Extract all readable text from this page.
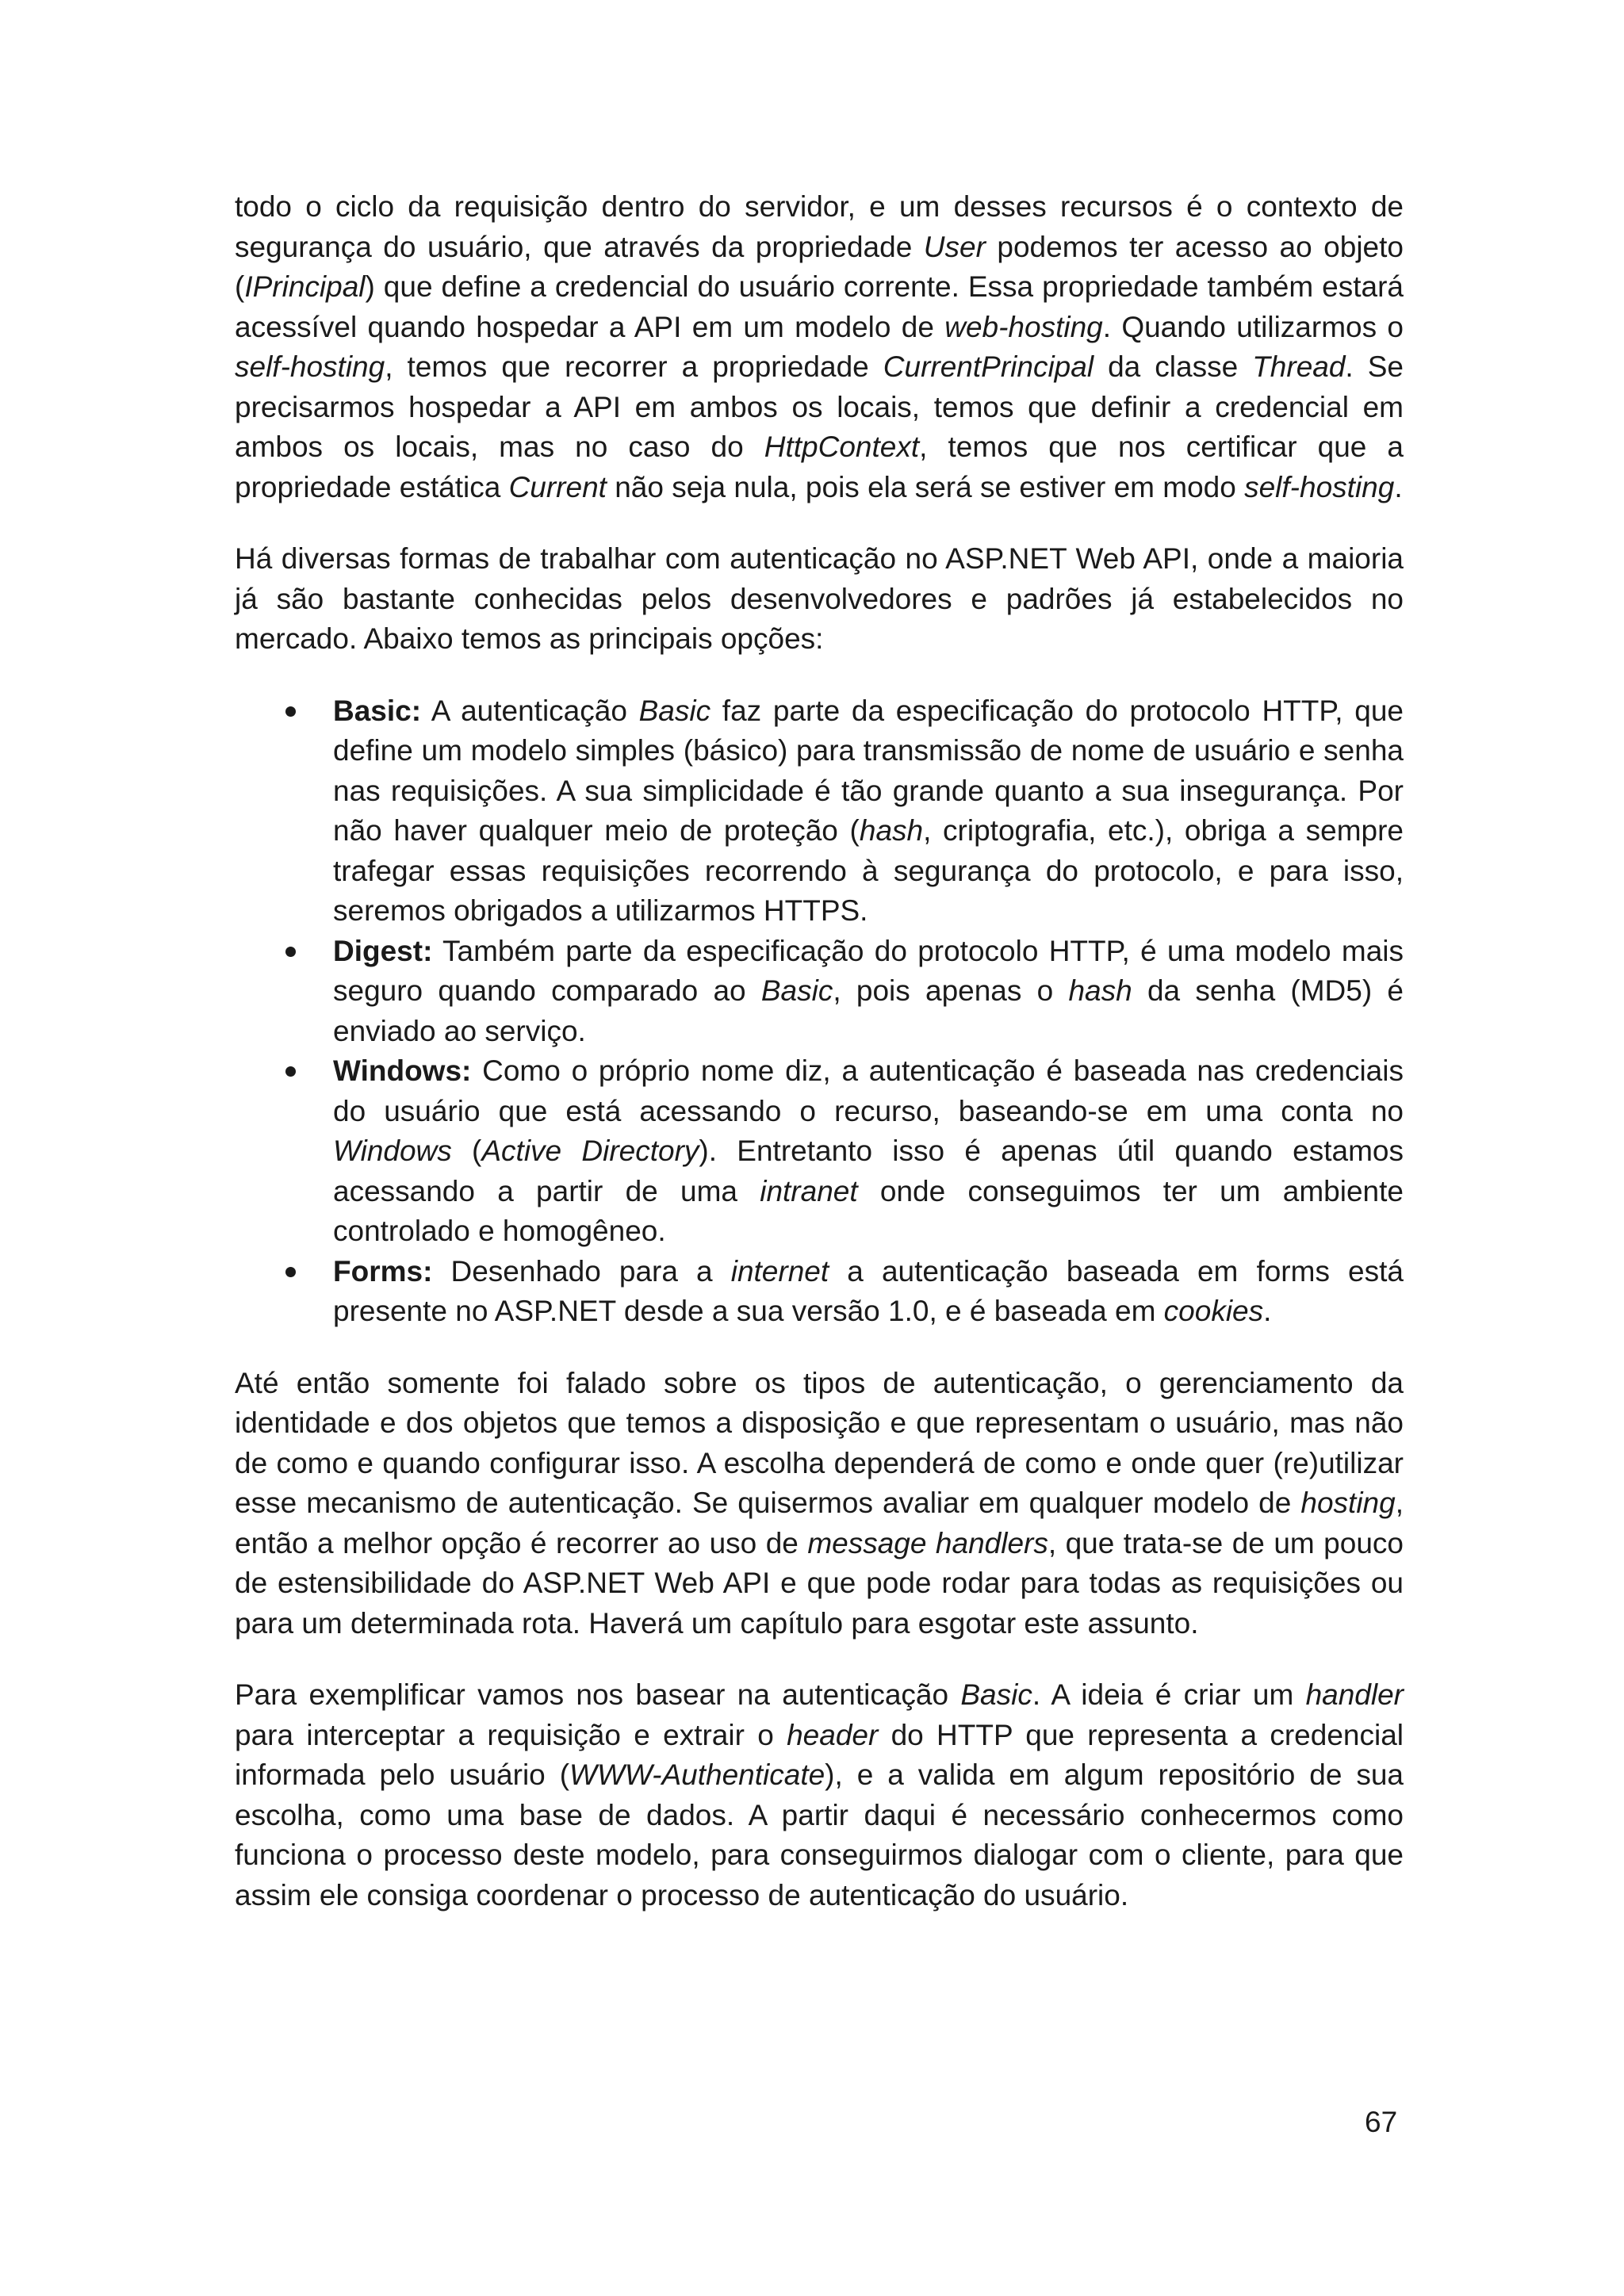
todo o ciclo da requisição dentro do servidor, e um desses recursos é o contexto de segurança do usuário, que através da propriedade User podemos ter acesso ao objeto (IPrincipal) que define a credencial do usuário corrente. Essa propriedade também estará acessível quando hospedar a API em um modelo de web-hosting. Quando utilizarmos o self-hosting, temos que recorrer a propriedade CurrentPrincipal da classe Thread. Se precisarmos hospedar a API em ambos os locais, temos que definir a credencial em ambos os locais, mas no caso do HttpContext, temos que nos certificar que a propriedade estática Current não seja nula, pois ela será se estiver em modo self-hosting.

Há diversas formas de trabalhar com autenticação no ASP.NET Web API, onde a maioria já são bastante conhecidas pelos desenvolvedores e padrões já estabelecidos no mercado. Abaixo temos as principais opções:

Basic: A autenticação Basic faz parte da especificação do protocolo HTTP, que define um modelo simples (básico) para transmissão de nome de usuário e senha nas requisições. A sua simplicidade é tão grande quanto a sua insegurança. Por não haver qualquer meio de proteção (hash, criptografia, etc.), obriga a sempre trafegar essas requisições recorrendo à segurança do protocolo, e para isso, seremos obrigados a utilizarmos HTTPS.
Digest: Também parte da especificação do protocolo HTTP, é uma modelo mais seguro quando comparado ao Basic, pois apenas o hash da senha (MD5) é enviado ao serviço.
Windows: Como o próprio nome diz, a autenticação é baseada nas credenciais do usuário que está acessando o recurso, baseando-se em uma conta no Windows (Active Directory). Entretanto isso é apenas útil quando estamos acessando a partir de uma intranet onde conseguimos ter um ambiente controlado e homogêneo.
Forms: Desenhado para a internet a autenticação baseada em forms está presente no ASP.NET desde a sua versão 1.0, e é baseada em cookies.

Até então somente foi falado sobre os tipos de autenticação, o gerenciamento da identidade e dos objetos que temos a disposição e que representam o usuário, mas não de como e quando configurar isso. A escolha dependerá de como e onde quer (re)utilizar esse mecanismo de autenticação. Se quisermos avaliar em qualquer modelo de hosting, então a melhor opção é recorrer ao uso de message handlers, que trata-se de um pouco de estensibilidade do ASP.NET Web API e que pode rodar para todas as requisições ou para um determinada rota. Haverá um capítulo para esgotar este assunto.

Para exemplificar vamos nos basear na autenticação Basic. A ideia é criar um handler para interceptar a requisição e extrair o header do HTTP que representa a credencial informada pelo usuário (WWW-Authenticate), e a valida em algum repositório de sua escolha, como uma base de dados. A partir daqui é necessário conhecermos como funciona o processo deste modelo, para conseguirmos dialogar com o cliente, para que assim ele consiga coordenar o processo de autenticação do usuário.

67
